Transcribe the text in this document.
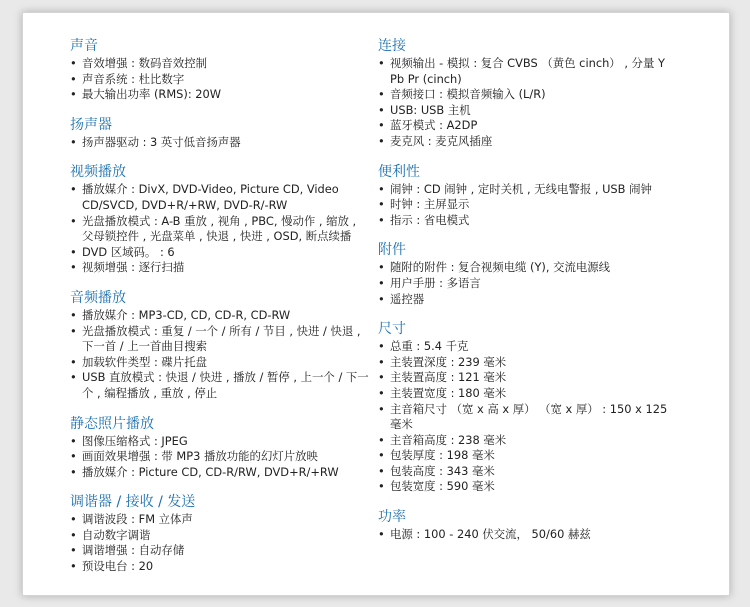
声音
• 音效增强 : 数码音效控制
• 声音系统 : 杜比数字
• 最大输出功率 (RMS): 20W
扬声器
• 扬声器驱动 : 3 英寸低音扬声器
视频播放
• 播放媒介 : DivX, DVD-Video, Picture CD, Video CD/SVCD, DVD+R/+RW, DVD-R/-RW
• 光盘播放模式 : A-B 重放 , 视角 , PBC, 慢动作 , 缩放 , 父母锁控件 , 光盘菜单 , 快退 , 快进 , OSD, 断点续播
• DVD 区域码。 : 6
• 视频增强 : 逐行扫描
音频播放
• 播放媒介 : MP3-CD, CD, CD-R, CD-RW
• 光盘播放模式 : 重复 / 一个 / 所有 / 节目 , 快进 / 快退 , 下一首 / 上一首曲目搜索
• 加载软件类型 : 碟片托盘
• USB 直放模式 : 快退 / 快进 , 播放 / 暂停 , 上一个 / 下一个 , 编程播放 , 重放 , 停止
静态照片播放
• 图像压缩格式 : JPEG
• 画面效果增强 : 带 MP3 播放功能的幻灯片放映
• 播放媒介 : Picture CD, CD-R/RW, DVD+R/+RW
调谐器 / 接收 / 发送
• 调谐波段 : FM 立体声
• 自动数字调谐
• 调谐增强 : 自动存储
• 预设电台 : 20
连接
• 视频输出 - 模拟 : 复合 CVBS （黄色 cinch） , 分量 Y Pb Pr (cinch)
• 音频接口 : 模拟音频输入 (L/R)
• USB: USB 主机
• 蓝牙模式 : A2DP
• 麦克风 : 麦克风插座
便利性
• 闹钟 : CD 闹钟 , 定时关机 , 无线电警报 , USB 闹钟
• 时钟 : 主屏显示
• 指示 : 省电模式
附件
• 随附的附件 : 复合视频电缆 (Y), 交流电源线
• 用户手册 : 多语言
• 遥控器
尺寸
• 总重 : 5.4 千克
• 主装置深度 : 239 毫米
• 主装置高度 : 121 毫米
• 主装置宽度 : 180 毫米
• 主音箱尺寸 （宽 x 高 x 厚） （宽 x 厚） : 150 x 125 毫米
• 主音箱高度 : 238 毫米
• 包装厚度 : 198 毫米
• 包装高度 : 343 毫米
• 包装宽度 : 590 毫米
功率
• 电源 : 100 - 240 伏交流， 50/60 赫兹
